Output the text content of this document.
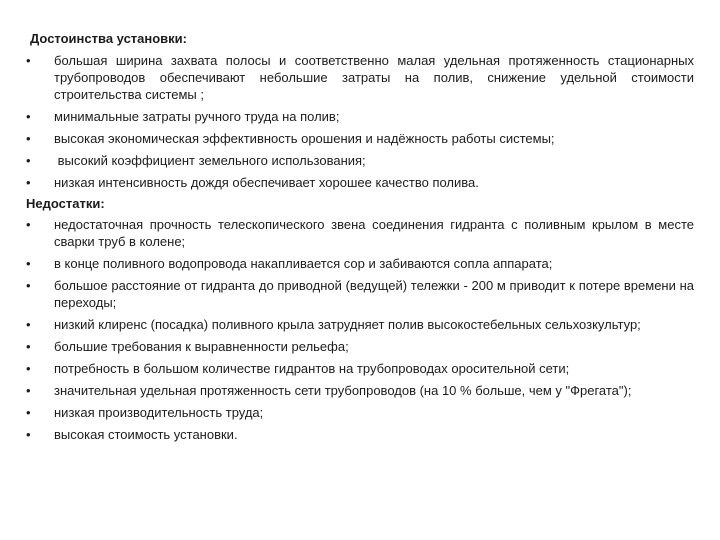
Достоинства установки:

•	большая ширина захвата полосы и соответственно малая удельная протяженность стационарных трубопроводов обеспечивают небольшие затраты на полив, снижение удельной стоимости строительства системы ;
•	минимальные затраты ручного труда на полив;
•	высокая экономическая эффективность орошения и надёжность работы системы;
•	высокий коэффициент земельного использования;
•	низкая интенсивность дождя обеспечивает хорошее качество полива.

Недостатки:

•	недостаточная прочность телескопического звена соединения гидранта с поливным крылом в месте сварки труб в колене;
•	в конце поливного водопровода накапливается сор и забиваются сопла аппарата;
•	большое расстояние от гидранта до приводной (ведущей) тележки - 200 м приводит к потере времени на переходы;
•	низкий клиренс (посадка) поливного крыла затрудняет полив высокостебельных сельхозкультур;
•	большие требования к выравненности рельефа;
•	потребность в большом количестве гидрантов на трубопроводах оросительной сети;
•	значительная удельная протяженность сети трубопроводов (на 10 % больше, чем у "Фрегата");
•	низкая производительность труда;
•	высокая стоимость установки.
